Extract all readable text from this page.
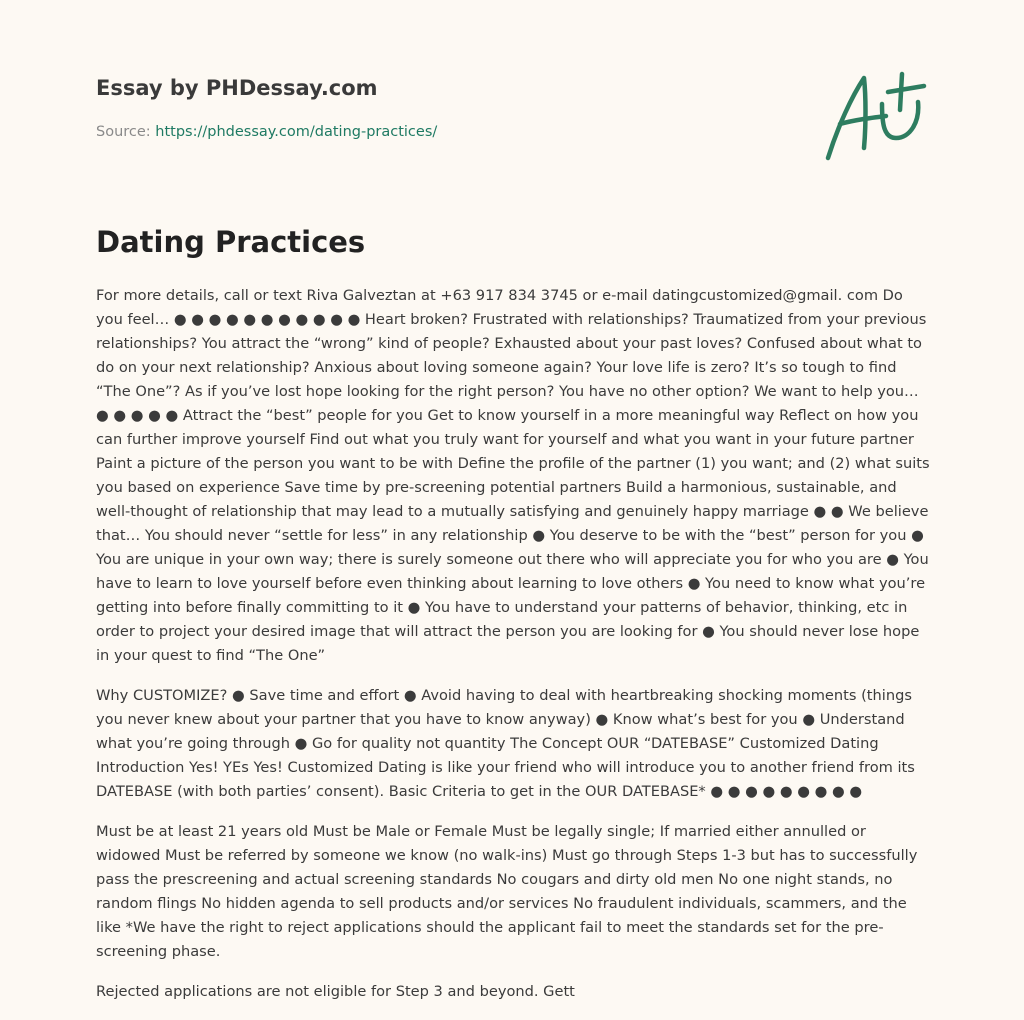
Essay by PHDessay.com
Source: https://phdessay.com/dating-practices/
Dating Practices

For more details, call or text Riva Galveztan at +63 917 834 3745 or e-mail datingcustomized@gmail. com Do you feel… ● ● ● ● ● ● ● ● ● ● ● Heart broken? Frustrated with relationships? Traumatized from your previous relationships? You attract the “wrong” kind of people? Exhausted about your past loves? Confused about what to do on your next relationship? Anxious about loving someone again? Your love life is zero? It’s so tough to find “The One”? As if you’ve lost hope looking for the right person? You have no other option? We want to help you… ● ● ● ● ● Attract the “best” people for you Get to know yourself in a more meaningful way Reflect on how you can further improve yourself Find out what you truly want for yourself and what you want in your future partner Paint a picture of the person you want to be with Define the profile of the partner (1) you want; and (2) what suits you based on experience Save time by pre-screening potential partners Build a harmonious, sustainable, and well-thought of relationship that may lead to a mutually satisfying and genuinely happy marriage ● ● We believe that… You should never “settle for less” in any relationship ● You deserve to be with the “best” person for you ● You are unique in your own way; there is surely someone out there who will appreciate you for who you are ● You have to learn to love yourself before even thinking about learning to love others ● You need to know what you’re getting into before finally committing to it ● You have to understand your patterns of behavior, thinking, etc in order to project your desired image that will attract the person you are looking for ● You should never lose hope in your quest to find “The One”

Why CUSTOMIZE? ● Save time and effort ● Avoid having to deal with heartbreaking shocking moments (things you never knew about your partner that you have to know anyway) ● Know what’s best for you ● Understand what you’re going through ● Go for quality not quantity The Concept OUR “DATEBASE” Customized Dating Introduction Yes! YEs Yes! Customized Dating is like your friend who will introduce you to another friend from its DATEBASE (with both parties’ consent). Basic Criteria to get in the OUR DATEBASE* ● ● ● ● ● ● ● ● ●

Must be at least 21 years old Must be Male or Female Must be legally single; If married either annulled or widowed Must be referred by someone we know (no walk-ins) Must go through Steps 1-3 but has to successfully pass the prescreening and actual screening standards No cougars and dirty old men No one night stands, no random flings No hidden agenda to sell products and/or services No fraudulent individuals, scammers, and the like *We have the right to reject applications should the applicant fail to meet the standards set for the pre-screening phase.

Rejected applications are not eligible for Step 3 and beyond. Gett
